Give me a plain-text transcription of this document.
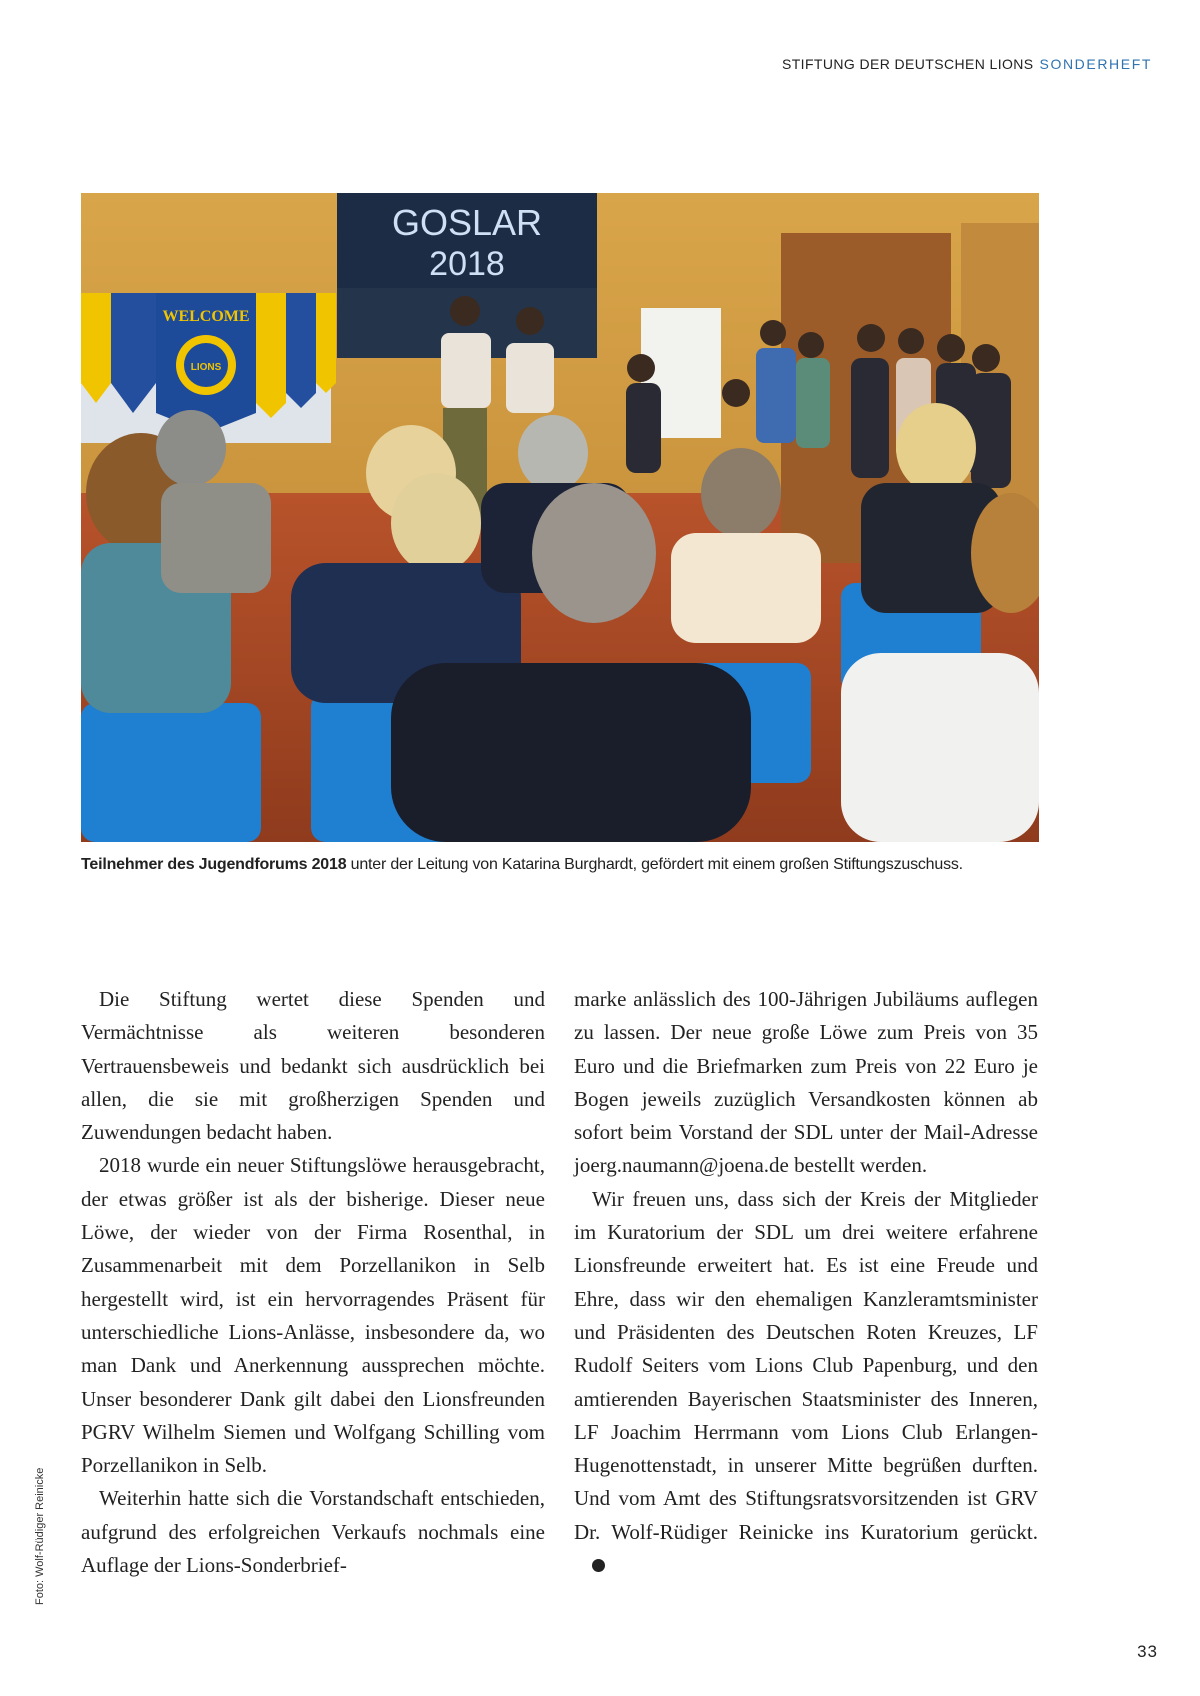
STIFTUNG DER DEUTSCHEN LIONS SONDERHEFT
GOSLAR
2018
WELCOME
LIONS
Teilnehmer des Jugendforums 2018 unter der Leitung von Katarina Burghardt, gefördert mit einem großen Stiftungszuschuss.

Die Stiftung wertet diese Spenden und Vermächtnisse als weiteren besonderen Vertrauensbeweis und bedankt sich ausdrücklich bei allen, die sie mit großherzigen Spenden und Zuwendungen bedacht haben.

2018 wurde ein neuer Stiftungslöwe herausgebracht, der etwas größer ist als der bisherige. Dieser neue Löwe, der wieder von der Firma Rosenthal, in Zusammenarbeit mit dem Porzellanikon in Selb hergestellt wird, ist ein hervorragendes Präsent für unterschiedliche Lions-Anlässe, insbesondere da, wo man Dank und Anerkennung aussprechen möchte. Unser besonderer Dank gilt dabei den Lionsfreunden PGRV Wilhelm Siemen und Wolfgang Schilling vom Porzellanikon in Selb.

Weiterhin hatte sich die Vorstandschaft entschieden, aufgrund des erfolgreichen Verkaufs nochmals eine Auflage der Lions-Sonderbrief-

marke anlässlich des 100-Jährigen Jubiläums auflegen zu lassen. Der neue große Löwe zum Preis von 35 Euro und die Briefmarken zum Preis von 22 Euro je Bogen jeweils zuzüglich Versandkosten können ab sofort beim Vorstand der SDL unter der Mail-Adresse joerg.naumann@joena.de bestellt werden.

Wir freuen uns, dass sich der Kreis der Mitglieder im Kuratorium der SDL um drei weitere erfahrene Lionsfreunde erweitert hat. Es ist eine Freude und Ehre, dass wir den ehemaligen Kanzleramtsminister und Präsidenten des Deutschen Roten Kreuzes, LF Rudolf Seiters vom Lions Club Papenburg, und den amtierenden Bayerischen Staatsminister des Inneren, LF Joachim Herrmann vom Lions Club Erlangen-Hugenottenstadt, in unserer Mitte begrüßen durften. Und vom Amt des Stiftungsratsvorsitzenden ist GRV Dr. Wolf-Rüdiger Reinicke ins Kuratorium gerückt.

Foto: Wolf-Rüdiger Reinicke
33
